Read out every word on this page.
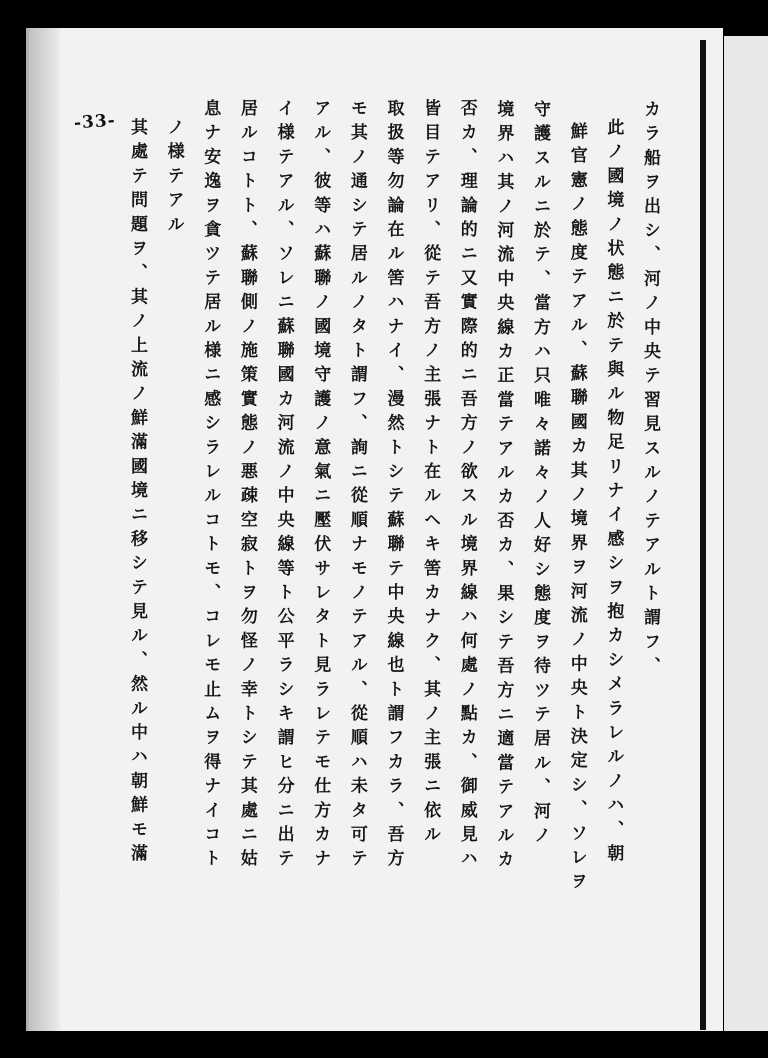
-33-	カラ船ヲ出シ、河ノ中央テ習見スルノテアルト謂フ、
此ノ國境ノ状態ニ於テ與ル物足リナイ感シヲ抱カシメラレルノハ、朝
鮮官憲ノ態度テアル、蘇聯國カ其ノ境界ヲ河流ノ中央ト決定シ、ソレヲ
守護スルニ於テ、當方ハ只唯々諾々ノ人好シ態度ヲ待ツテ居ル、河ノ
境界ハ其ノ河流中央線カ正當テアルカ否カ、果シテ吾方ニ適當テアルカ
否カ、理論的ニ又實際的ニ吾方ノ欲スル境界線ハ何處ノ點カ、御威見ハ
皆目テアリ、從テ吾方ノ主張ナト在ルヘキ筈カナク、其ノ主張ニ依ル
取扱等勿論在ル筈ハナイ、漫然トシテ蘇聯テ中央線也ト謂フカラ、吾方
モ其ノ通シテ居ルノタト謂フ、詢ニ從順ナモノテアル、從順ハ未タ可テ
アル、彼等ハ蘇聯ノ國境守護ノ意氣ニ壓伏サレタト見ラレテモ仕方カナ
イ様テアル、ソレニ蘇聯國カ河流ノ中央線等ト公平ラシキ謂ヒ分ニ出テ
居ルコトト、蘇聯側ノ施策實態ノ悪疎空寂トヲ勿怪ノ幸トシテ其處ニ姑
息ナ安逸ヲ貪ツテ居ル様ニ感シラレルコトモ、コレモ止ムヲ得ナイコト
ノ様テアル
其處テ問題ヲ、其ノ上流ノ鮮滿國境ニ移シテ見ル、然ル中ハ朝鮮モ滿
